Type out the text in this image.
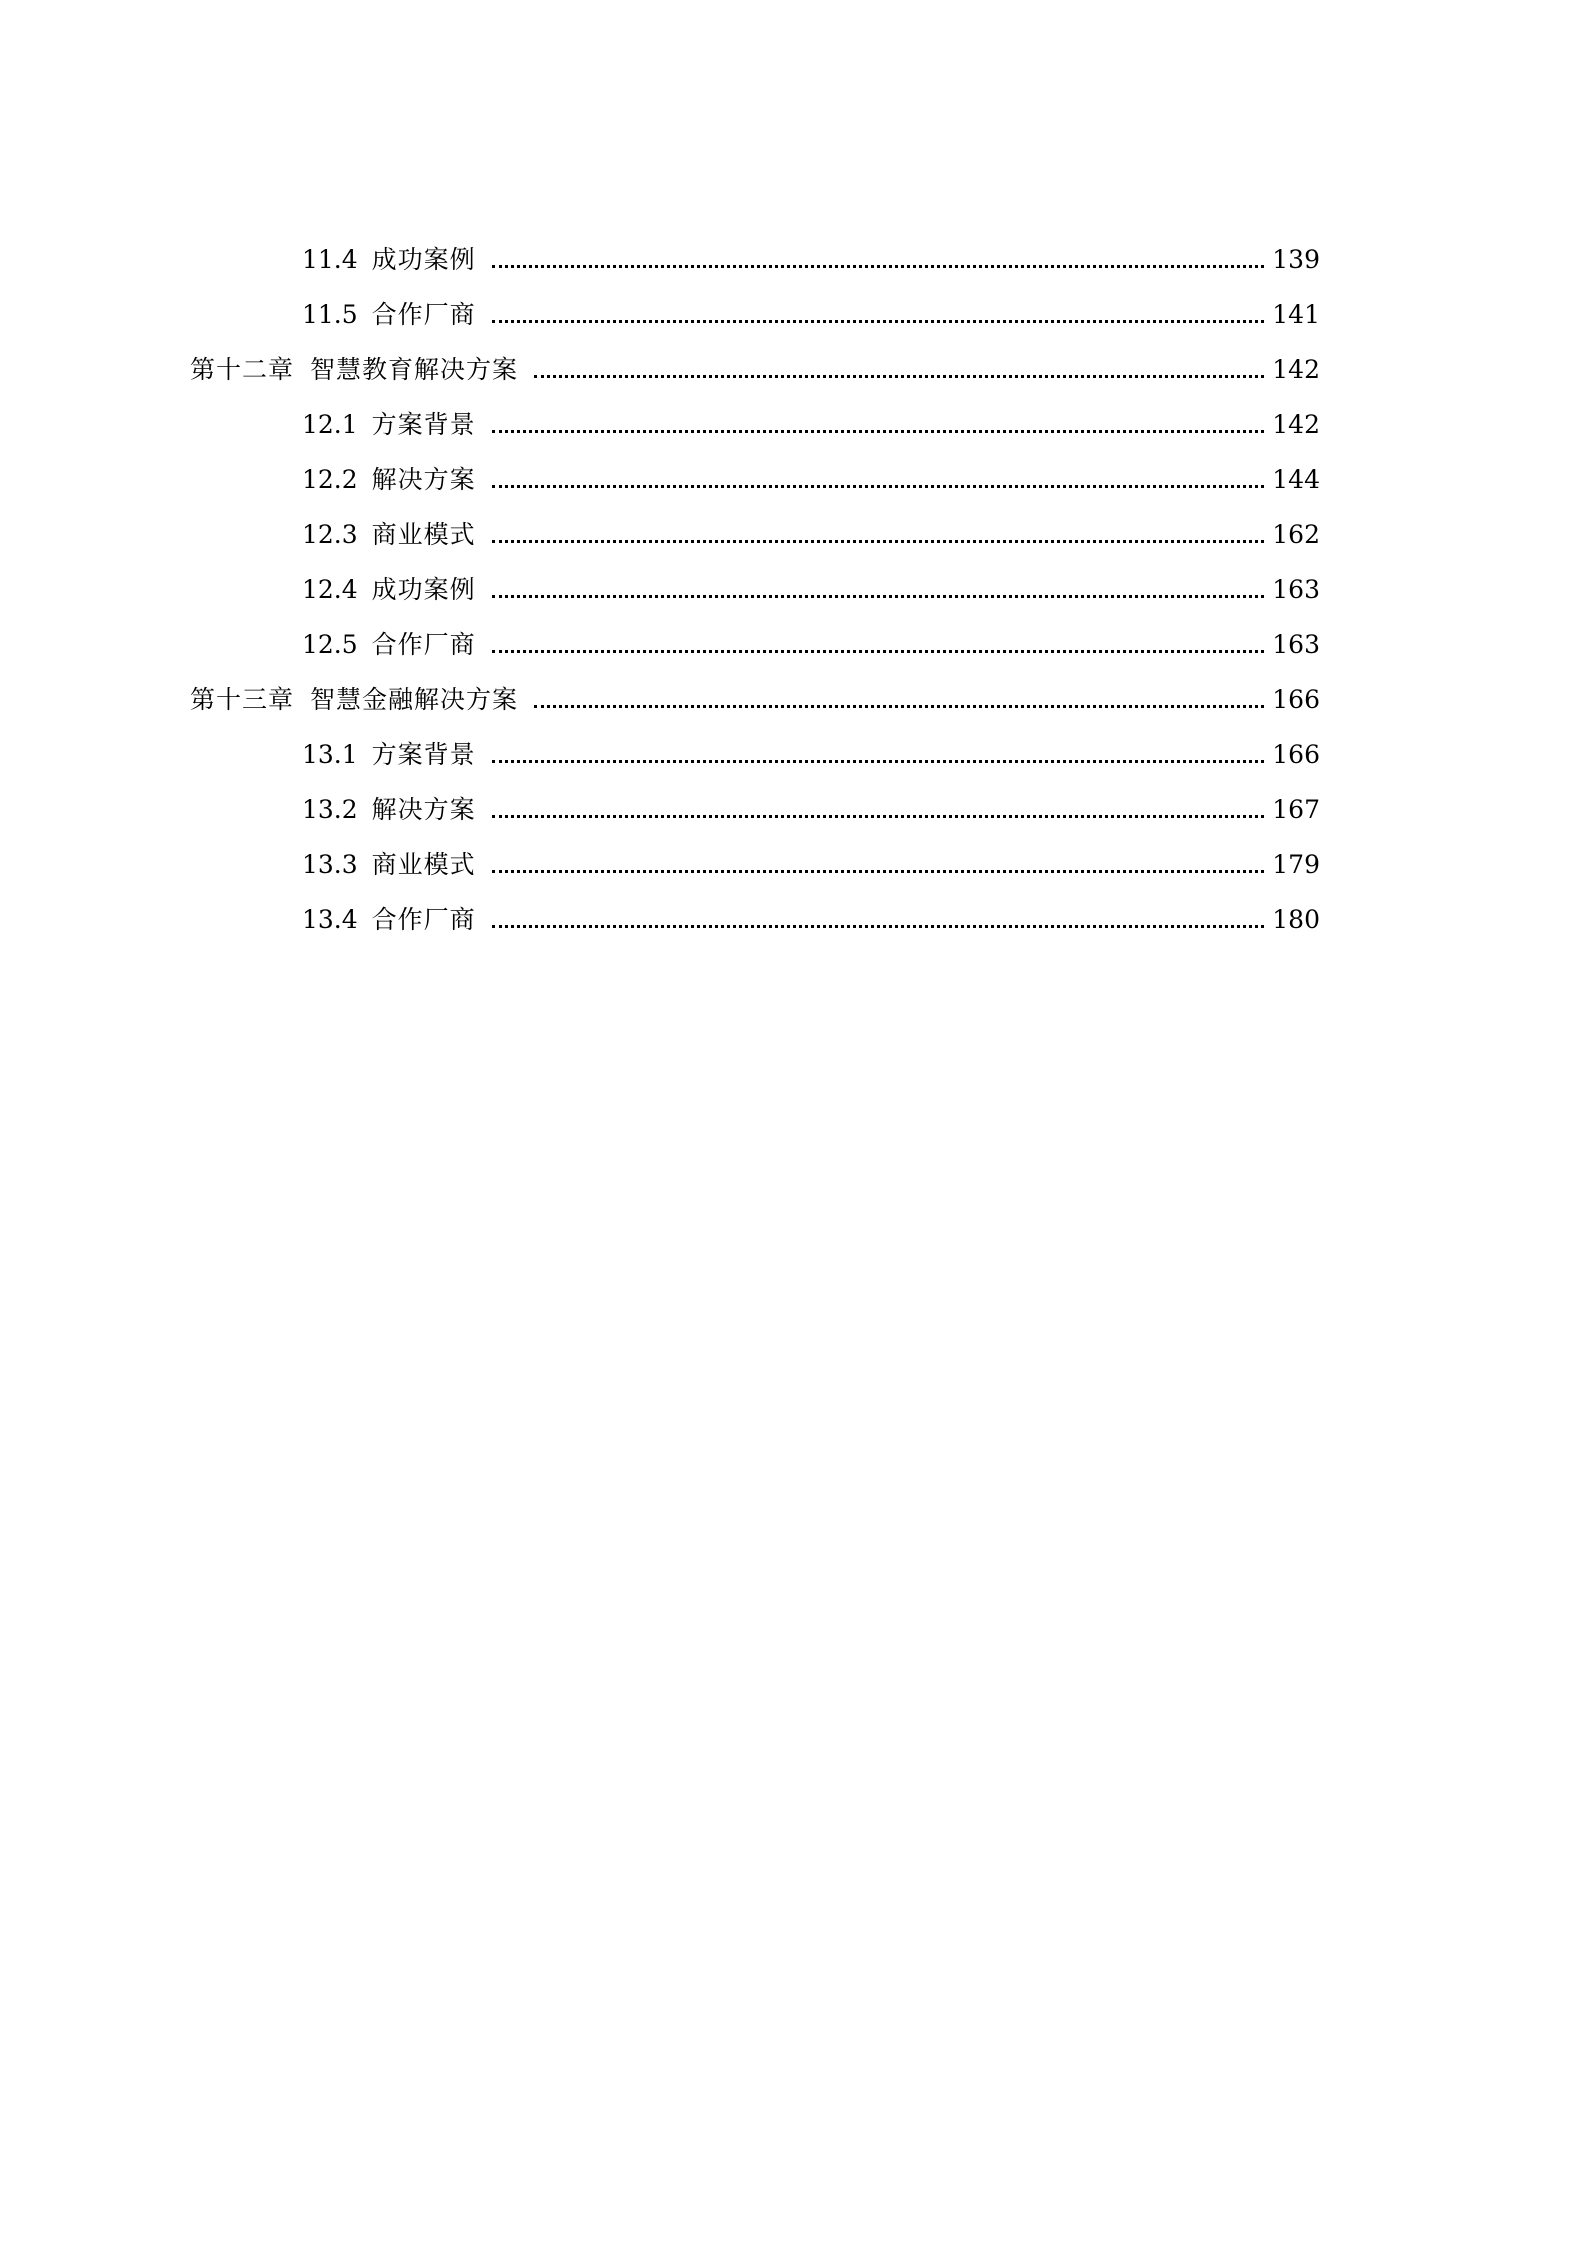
11.4 成功案例	139
11.5 合作厂商	141
第十二章 智慧教育解决方案	142
12.1 方案背景	142
12.2 解决方案	144
12.3 商业模式	162
12.4 成功案例	163
12.5 合作厂商	163
第十三章 智慧金融解决方案	166
13.1 方案背景	166
13.2 解决方案	167
13.3 商业模式	179
13.4 合作厂商	180
